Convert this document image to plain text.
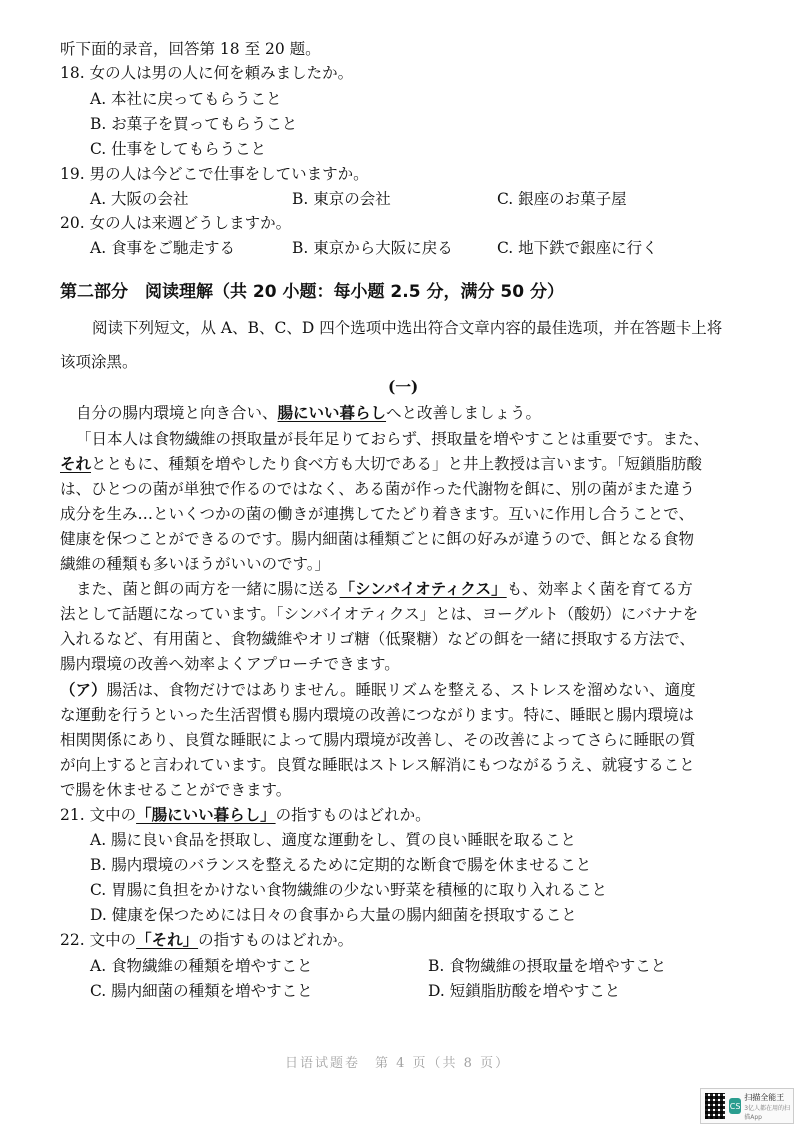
听下面的录音，回答第 18 至 20 题。
18. 女の人は男の人に何を頼みましたか。
A. 本社に戻ってもらうこと
B. お菓子を買ってもらうこと
C. 仕事をしてもらうこと
19. 男の人は今どこで仕事をしていますか。
A. 大阪の会社	B. 東京の会社	C. 銀座のお菓子屋
20. 女の人は来週どうしますか。
A. 食事をご馳走する	B. 東京から大阪に戻る	C. 地下鉄で銀座に行く
第二部分　阅读理解（共 20 小题：每小题 2.5 分，满分 50 分）
阅读下列短文，从 A、B、C、D 四个选项中选出符合文章内容的最佳选项，并在答题卡上将
该项涂黑。
(一)
自分の腸内環境と向き合い、腸にいい暮らしへと改善しましょう。
「日本人は食物繊維の摂取量が長年足りておらず、摂取量を増やすことは重要です。また、
それとともに、種類を増やしたり食べ方も大切である」と井上教授は言います。「短鎖脂肪酸
は、ひとつの菌が単独で作るのではなく、ある菌が作った代謝物を餌に、別の菌がまた違う
成分を生み…といくつかの菌の働きが連携してたどり着きます。互いに作用し合うことで、
健康を保つことができるのです。腸内細菌は種類ごとに餌の好みが違うので、餌となる食物
繊維の種類も多いほうがいいのです。」
また、菌と餌の両方を一緒に腸に送る「シンバイオティクス」も、効率よく菌を育てる方
法として話題になっています。「シンバイオティクス」とは、ヨーグルト（酸奶）にバナナを
入れるなど、有用菌と、食物繊維やオリゴ糖（低聚糖）などの餌を一緒に摂取する方法で、
腸内環境の改善へ効率よくアプローチできます。
（ア）腸活は、食物だけではありません。睡眠リズムを整える、ストレスを溜めない、適度
な運動を行うといった生活習慣も腸内環境の改善につながります。特に、睡眠と腸内環境は
相関関係にあり、良質な睡眠によって腸内環境が改善し、その改善によってさらに睡眠の質
が向上すると言われています。良質な睡眠はストレス解消にもつながるうえ、就寝すること
で腸を休ませることができます。
21. 文中の「腸にいい暮らし」の指すものはどれか。
A. 腸に良い食品を摂取し、適度な運動をし、質の良い睡眠を取ること
B. 腸内環境のバランスを整えるために定期的な断食で腸を休ませること
C. 胃腸に負担をかけない食物繊維の少ない野菜を積極的に取り入れること
D. 健康を保つためには日々の食事から大量の腸内細菌を摂取すること
22. 文中の「それ」の指すものはどれか。
A. 食物繊維の種類を増やすこと	B. 食物繊維の摂取量を増やすこと
C. 腸内細菌の種類を増やすこと	D. 短鎖脂肪酸を増やすこと
日语试题卷　第 4 页（共 8 页）
CS
扫描全能王
3亿人都在用的扫描App
